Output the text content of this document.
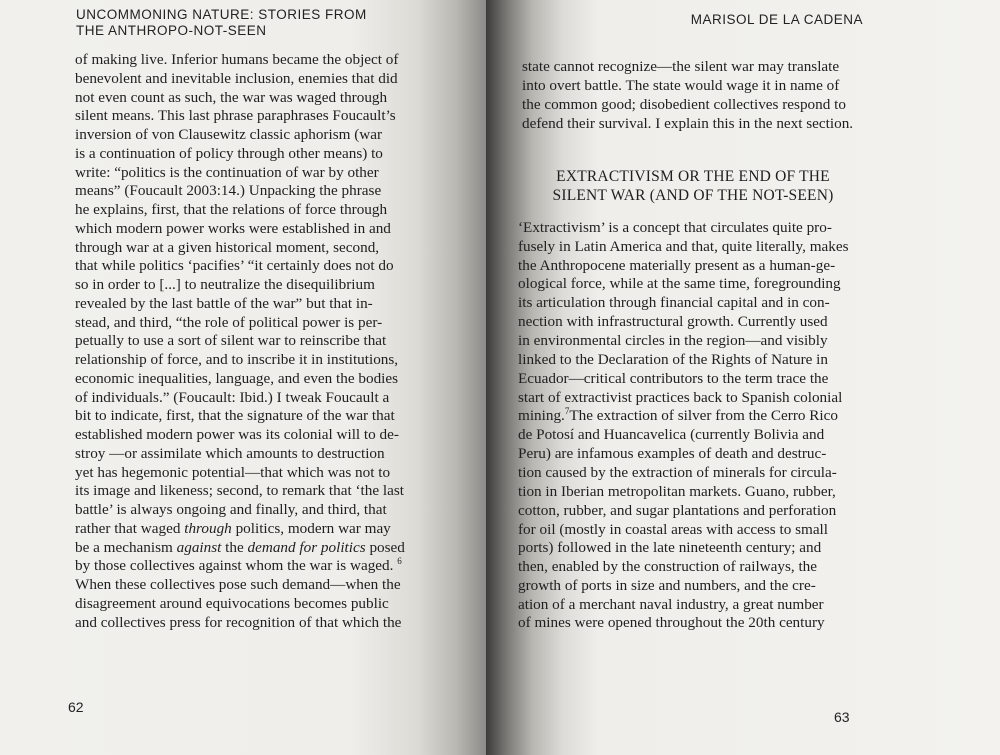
UNCOMMONING NATURE: STORIES FROM
THE ANTHROPO-NOT-SEEN
of making live. Inferior humans became the object of
benevolent and inevitable inclusion, enemies that did
not even count as such, the war was waged through
silent means. This last phrase paraphrases Foucault’s
inversion of von Clausewitz classic aphorism (war
is a continuation of policy through other means) to
write: “politics is the continuation of war by other
means” (Foucault 2003:14.) Unpacking the phrase
he explains, first, that the relations of force through
which modern power works were established in and
through war at a given historical moment, second,
that while politics ‘pacifies’ “it certainly does not do
so in order to [...] to neutralize the disequilibrium
revealed by the last battle of the war” but that in-
stead, and third, “the role of political power is per-
petually to use a sort of silent war to reinscribe that
relationship of force, and to inscribe it in institutions,
economic inequalities, language, and even the bodies
of individuals.” (Foucault: Ibid.) I tweak Foucault a
bit to indicate, first, that the signature of the war that
established modern power was its colonial will to de-
stroy —or assimilate which amounts to destruction
yet has hegemonic potential—that which was not to
its image and likeness; second, to remark that ‘the last
battle’ is always ongoing and finally, and third, that
rather that waged through politics, modern war may
be a mechanism against the demand for politics posed
by those collectives against whom the war is waged. $^6$
When these collectives pose such demand—when the
disagreement around equivocations becomes public
and collectives press for recognition of that which the
62
MARISOL DE LA CADENA
state cannot recognize—the silent war may translate
into overt battle. The state would wage it in name of
the common good; disobedient collectives respond to
defend their survival. I explain this in the next section.
EXTRACTIVISM OR THE END OF THE
SILENT WAR (AND OF THE NOT-SEEN)
‘Extractivism’ is a concept that circulates quite pro-
fusely in Latin America and that, quite literally, makes
the Anthropocene materially present as a human-ge-
ological force, while at the same time, foregrounding
its articulation through financial capital and in con-
nection with infrastructural growth. Currently used
in environmental circles in the region—and visibly
linked to the Declaration of the Rights of Nature in
Ecuador—critical contributors to the term trace the
start of extractivist practices back to Spanish colonial
mining.$^7$The extraction of silver from the Cerro Rico
de Potosí and Huancavelica (currently Bolivia and
Peru) are infamous examples of death and destruc-
tion caused by the extraction of minerals for circula-
tion in Iberian metropolitan markets. Guano, rubber,
cotton, rubber, and sugar plantations and perforation
for oil (mostly in coastal areas with access to small
ports) followed in the late nineteenth century; and
then, enabled by the construction of railways, the
growth of ports in size and numbers, and the cre-
ation of a merchant naval industry, a great number
of mines were opened throughout the 20th century
63
